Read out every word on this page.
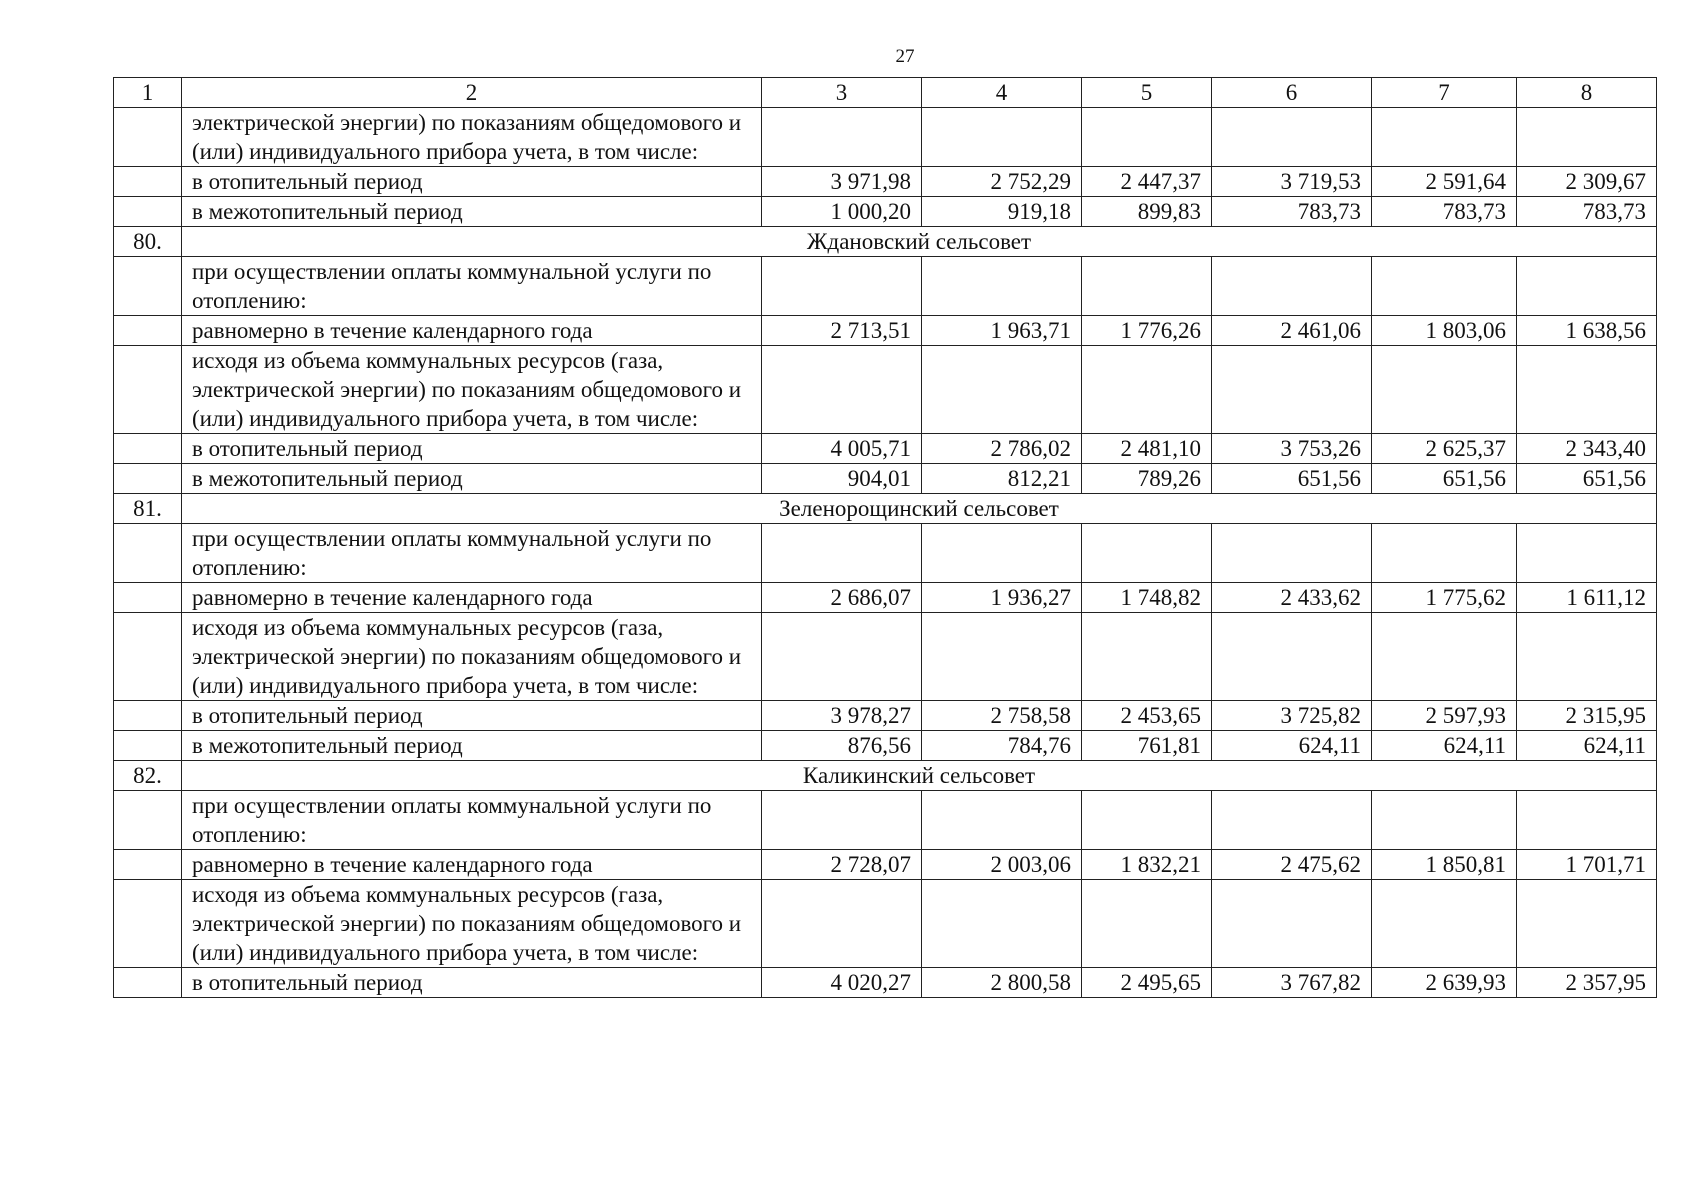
27
1	2	3	4	5	6	7	8
	электрической энергии) по показаниям общедомового и (или) индивидуального прибора учета, в том числе:						
	в отопительный период	3 971,98	2 752,29	2 447,37	3 719,53	2 591,64	2 309,67
	в межотопительный период	1 000,20	919,18	899,83	783,73	783,73	783,73
80.	Ждановский сельсовет						
	при осуществлении оплаты коммунальной услуги по отоплению:						
	равномерно в течение календарного года	2 713,51	1 963,71	1 776,26	2 461,06	1 803,06	1 638,56
	исходя из объема коммунальных ресурсов (газа, электрической энергии) по показаниям общедомового и (или) индивидуального прибора учета, в том числе:						
	в отопительный период	4 005,71	2 786,02	2 481,10	3 753,26	2 625,37	2 343,40
	в межотопительный период	904,01	812,21	789,26	651,56	651,56	651,56
81.	Зеленорощинский сельсовет						
	при осуществлении оплаты коммунальной услуги по отоплению:						
	равномерно в течение календарного года	2 686,07	1 936,27	1 748,82	2 433,62	1 775,62	1 611,12
	исходя из объема коммунальных ресурсов (газа, электрической энергии) по показаниям общедомового и (или) индивидуального прибора учета, в том числе:						
	в отопительный период	3 978,27	2 758,58	2 453,65	3 725,82	2 597,93	2 315,95
	в межотопительный период	876,56	784,76	761,81	624,11	624,11	624,11
82.	Каликинский сельсовет						
	при осуществлении оплаты коммунальной услуги по отоплению:						
	равномерно в течение календарного года	2 728,07	2 003,06	1 832,21	2 475,62	1 850,81	1 701,71
	исходя из объема коммунальных ресурсов (газа, электрической энергии) по показаниям общедомового и (или) индивидуального прибора учета, в том числе:						
	в отопительный период	4 020,27	2 800,58	2 495,65	3 767,82	2 639,93	2 357,95
